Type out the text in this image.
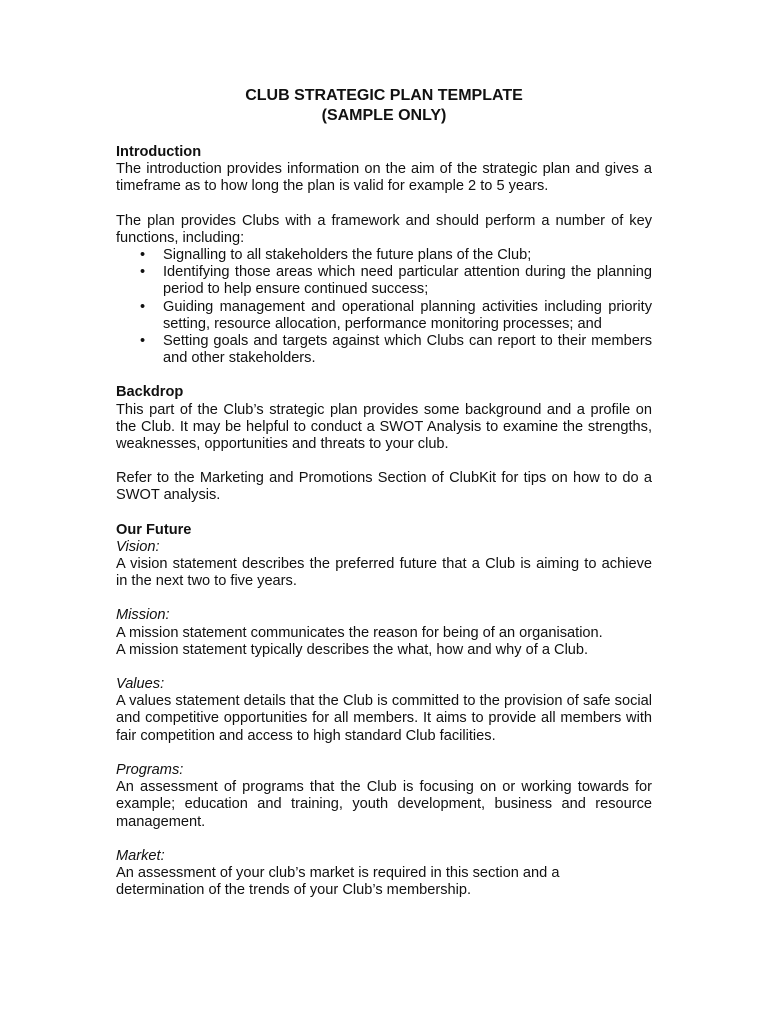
CLUB STRATEGIC PLAN TEMPLATE

(SAMPLE ONLY)

Introduction

The introduction provides information on the aim of the strategic plan and gives a timeframe as to how long the plan is valid for example 2 to 5 years.

The plan provides Clubs with a framework and should perform a number of key functions, including:

• Signalling to all stakeholders the future plans of the Club;
• Identifying those areas which need particular attention during the planning period to help ensure continued success;
• Guiding management and operational planning activities including priority setting, resource allocation, performance monitoring processes; and
• Setting goals and targets against which Clubs can report to their members and other stakeholders.
Backdrop

This part of the Club’s strategic plan provides some background and a profile on the Club. It may be helpful to conduct a SWOT Analysis to examine the strengths, weaknesses, opportunities and threats to your club.

Refer to the Marketing and Promotions Section of ClubKit for tips on how to do a SWOT analysis.

Our Future

Vision:

A vision statement describes the preferred future that a Club is aiming to achieve in the next two to five years.

Mission:

A mission statement communicates the reason for being of an organisation.

A mission statement typically describes the what, how and why of a Club.

Values:

A values statement details that the Club is committed to the provision of safe social and competitive opportunities for all members. It aims to provide all members with fair competition and access to high standard Club facilities.

Programs:

An assessment of programs that the Club is focusing on or working towards for example; education and training, youth development, business and resource management.

Market:

An assessment of your club’s market is required in this section and a

determination of the trends of your Club’s membership.
